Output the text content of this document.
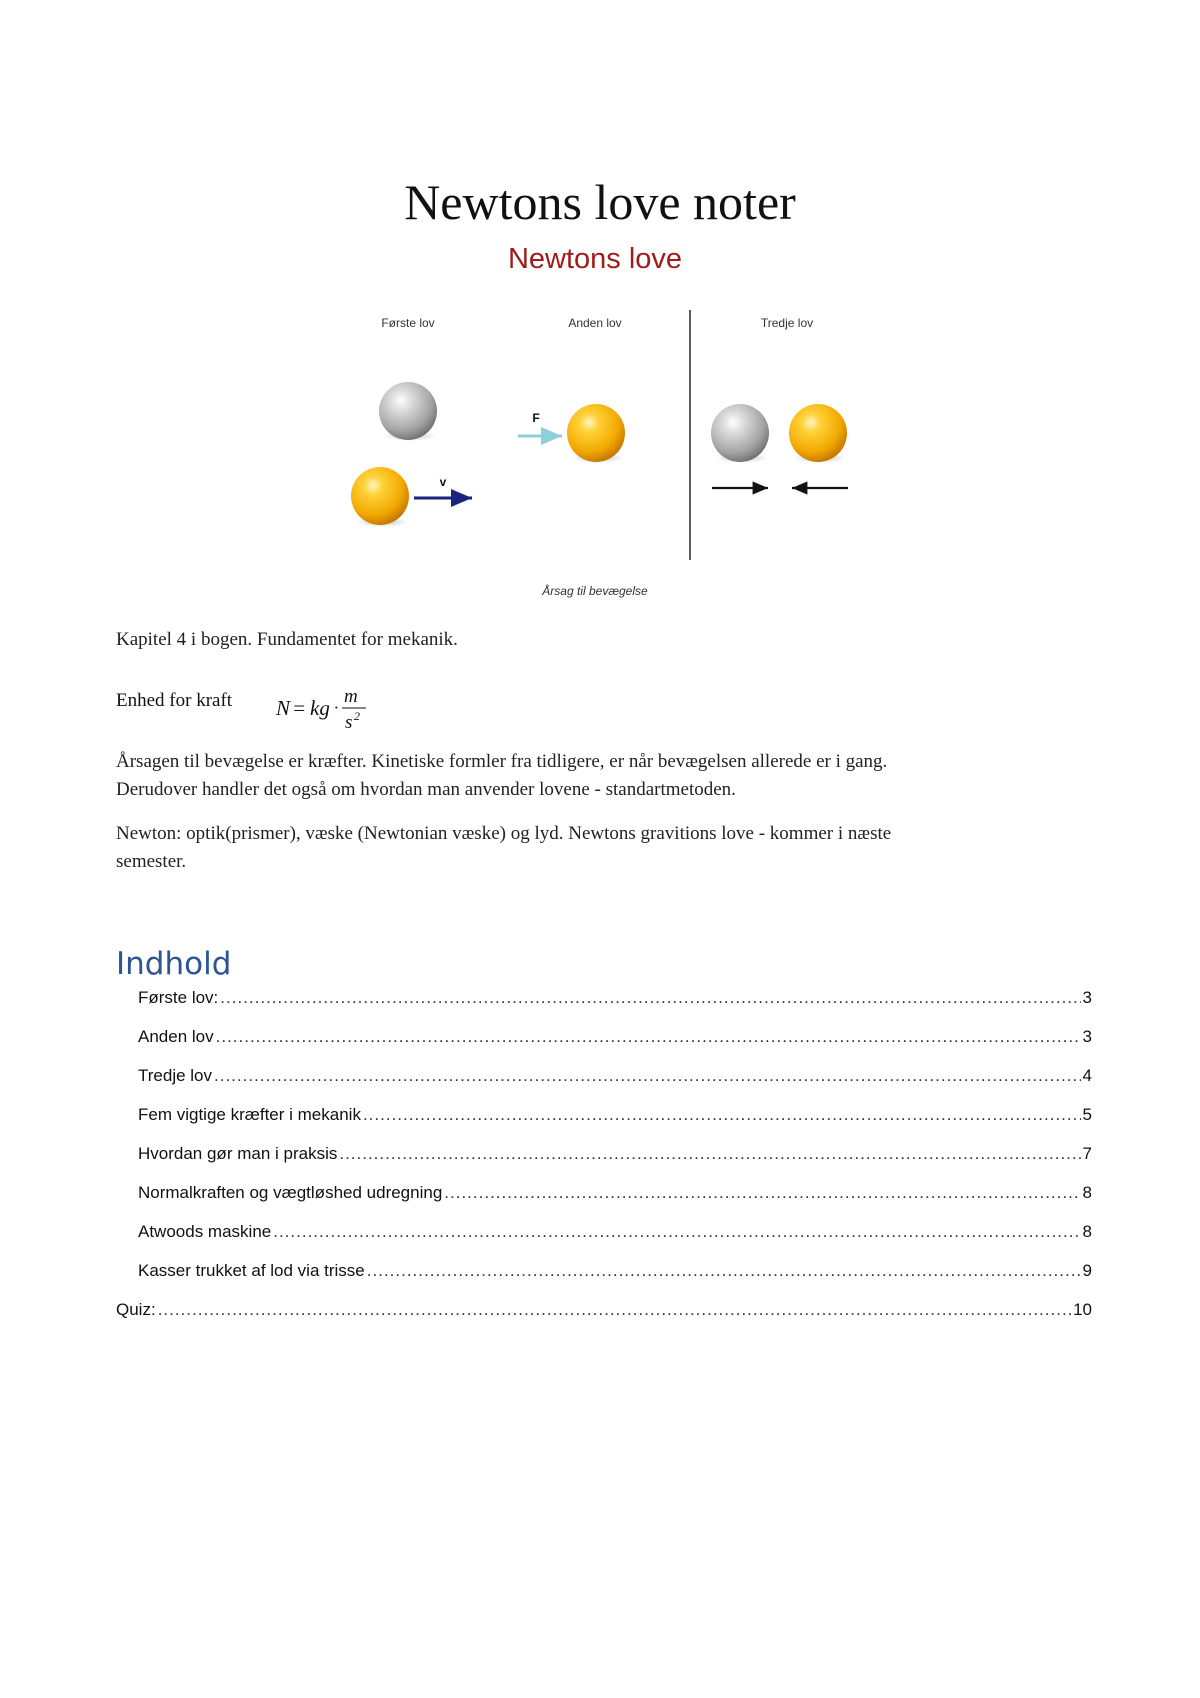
Newtons love noter
Newtons love
Første lov	Anden lov	Tredje lov
v
F
Årsag til bevægelse
Kapitel 4 i bogen. Fundamentet for mekanik.
Enhed for kraft N = kg ·
m
s 2
Årsagen til bevægelse er kræfter. Kinetiske formler fra tidligere, er når bevægelsen allerede er i gang.
Derudover handler det også om hvordan man anvender lovene - standartmetoden.
Newton: optik(prismer), væske (Newtonian væske) og lyd. Newtons gravitions love - kommer i næste
semester.
Indhold
Første lov: .....	3
Anden lov .....	3
Tredje lov .....	4
Fem vigtige kræfter i mekanik .....	5
Hvordan gør man i praksis .....	7
Normalkraften og vægtløshed udregning .....	8
Atwoods maskine .....	8
Kasser trukket af lod via trisse .....	9
Quiz: .....	10
